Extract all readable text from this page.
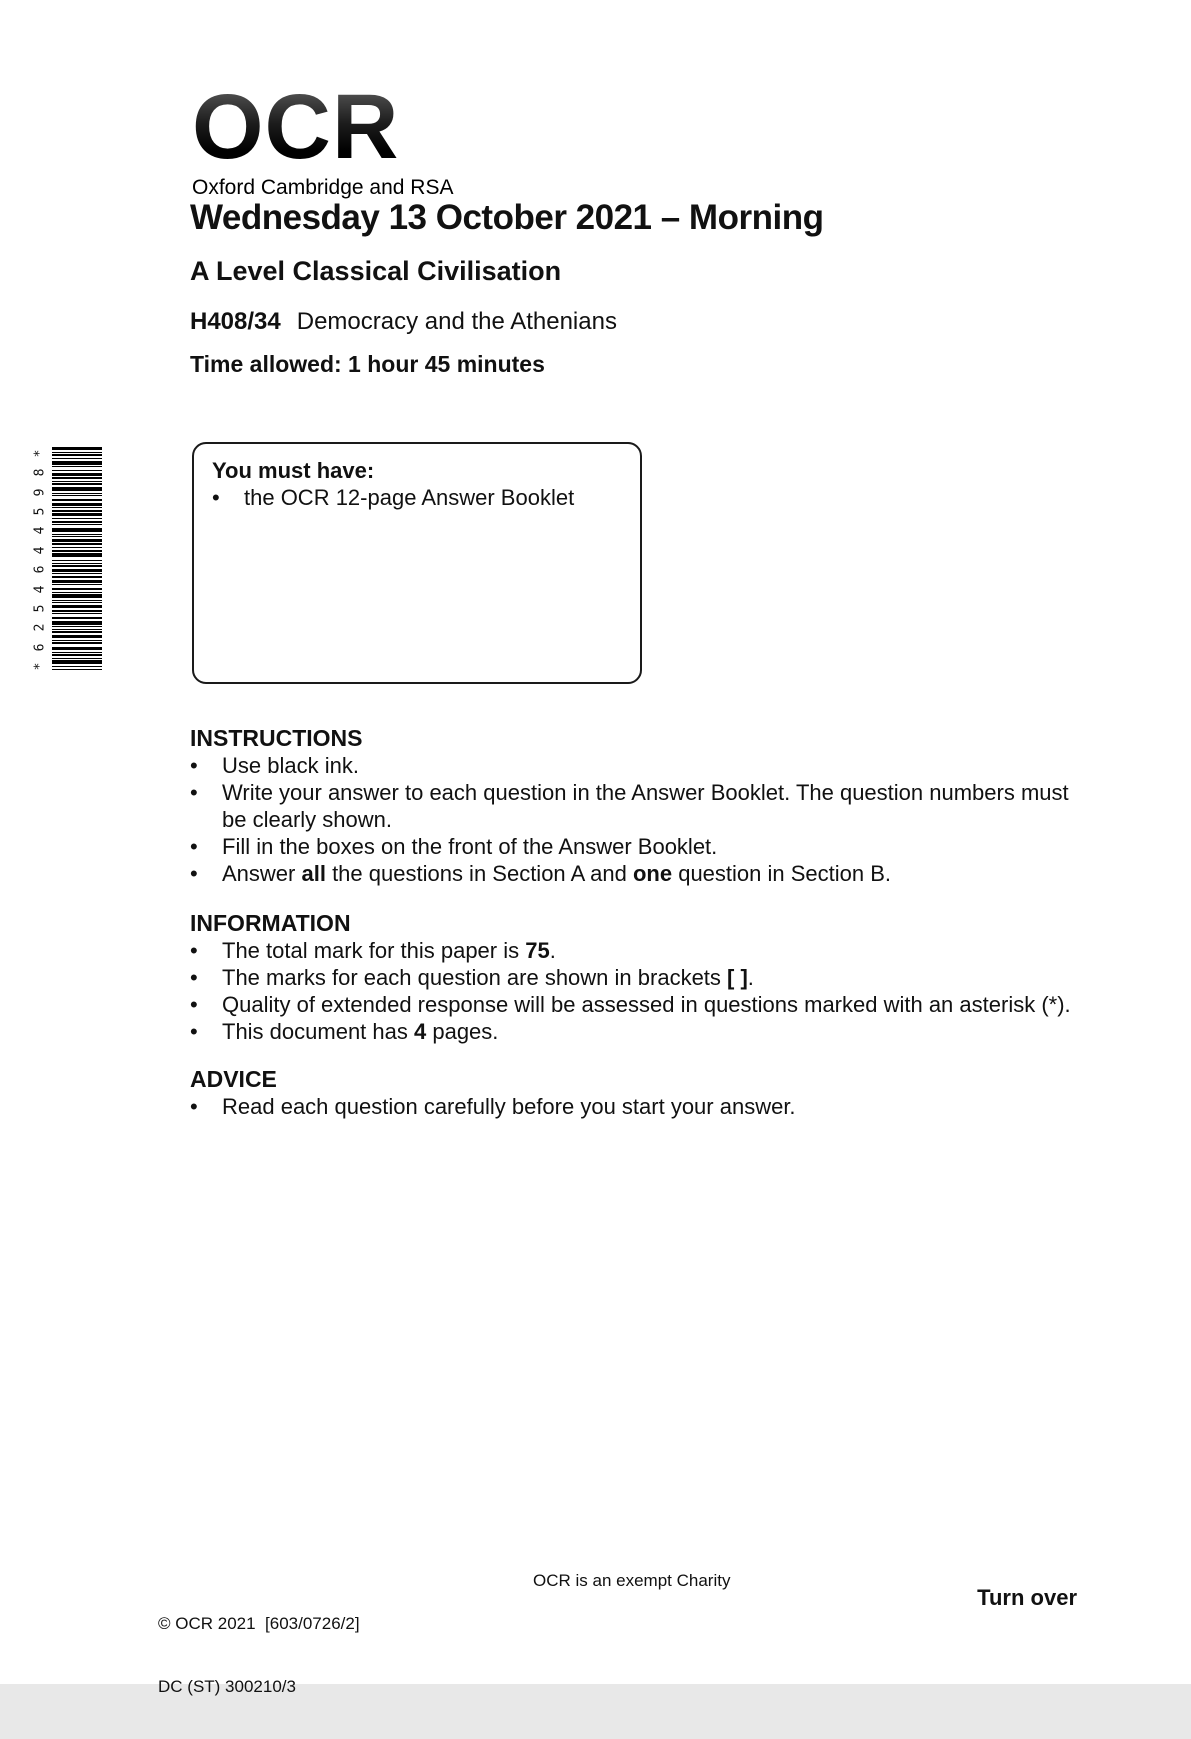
OCR
Oxford Cambridge and RSA
Wednesday 13 October 2021 – Morning
A Level Classical Civilisation
H408/34 Democracy and the Athenians
Time allowed: 1 hour 45 minutes
*
8
9
5
4
4
6
4
5
2
6
*
You must have:
•	the OCR 12-page Answer Booklet
INSTRUCTIONS
•	Use black ink.
•	Write your answer to each question in the Answer Booklet. The question numbers must
be clearly shown.
•	Fill in the boxes on the front of the Answer Booklet.
•	Answer all the questions in Section A and one question in Section B.
INFORMATION
•	The total mark for this paper is 75.
•	The marks for each question are shown in brackets [ ].
•	Quality of extended response will be assessed in questions marked with an asterisk (*).
•	This document has 4 pages.
ADVICE
•	Read each question carefully before you start your answer.

© OCR 2021  [603/0726/2]

DC (ST) 300210/3

OCR is an exempt Charity
Turn over
